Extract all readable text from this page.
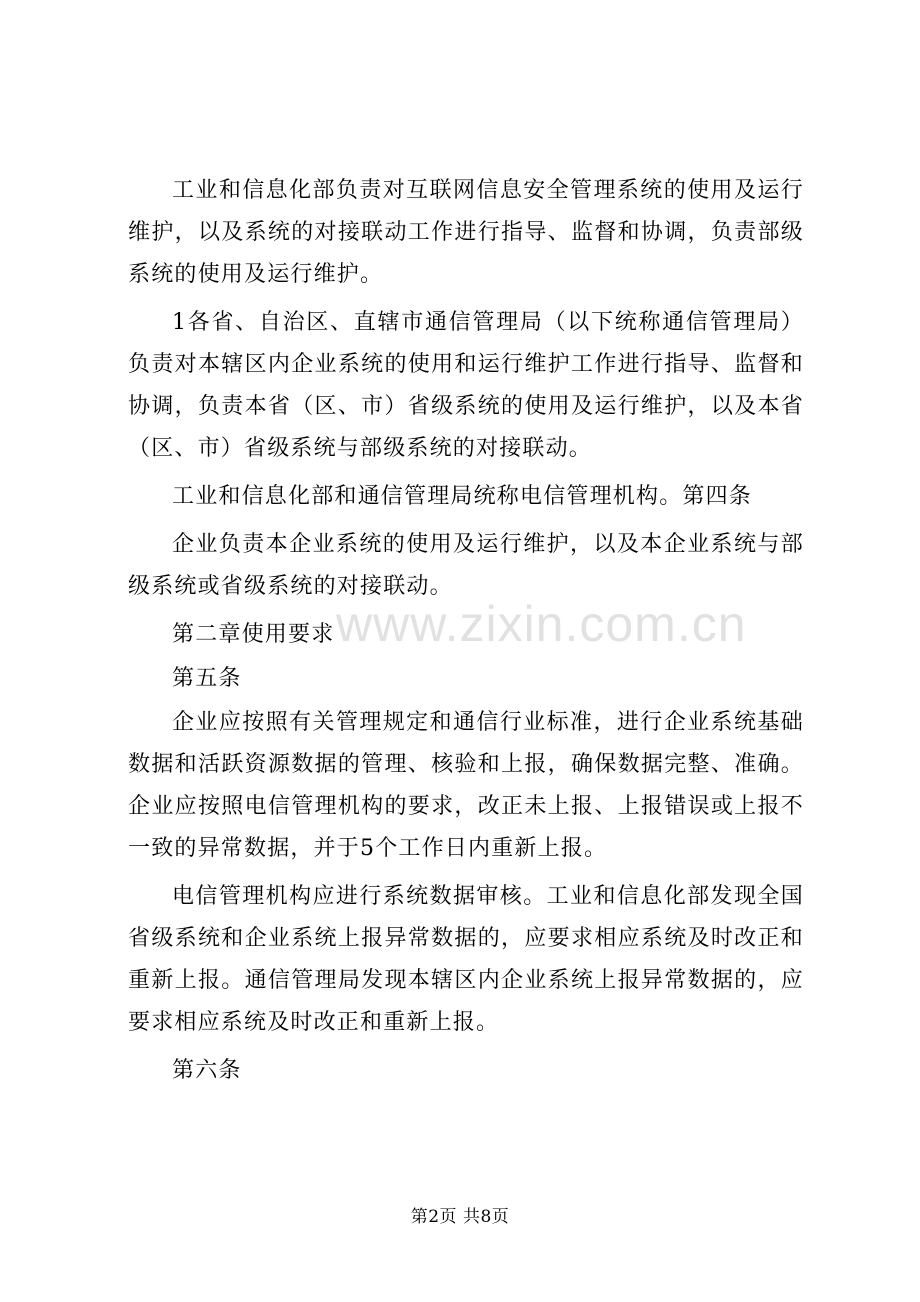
工业和信息化部负责对互联网信息安全管理系统的使用及运行维护，以及系统的对接联动工作进行指导、监督和协调，负责部级系统的使用及运行维护。

1各省、自治区、直辖市通信管理局（以下统称通信管理局）负责对本辖区内企业系统的使用和运行维护工作进行指导、监督和协调，负责本省（区、市）省级系统的使用及运行维护，以及本省（区、市）省级系统与部级系统的对接联动。

工业和信息化部和通信管理局统称电信管理机构。第四条

企业负责本企业系统的使用及运行维护，以及本企业系统与部级系统或省级系统的对接联动。

第二章使用要求

第五条

企业应按照有关管理规定和通信行业标准，进行企业系统基础数据和活跃资源数据的管理、核验和上报，确保数据完整、准确。企业应按照电信管理机构的要求，改正未上报、上报错误或上报不一致的异常数据，并于5个工作日内重新上报。

电信管理机构应进行系统数据审核。工业和信息化部发现全国省级系统和企业系统上报异常数据的，应要求相应系统及时改正和重新上报。通信管理局发现本辖区内企业系统上报异常数据的，应要求相应系统及时改正和重新上报。

第六条

www.zixin.com.cn
第2页 共8页
